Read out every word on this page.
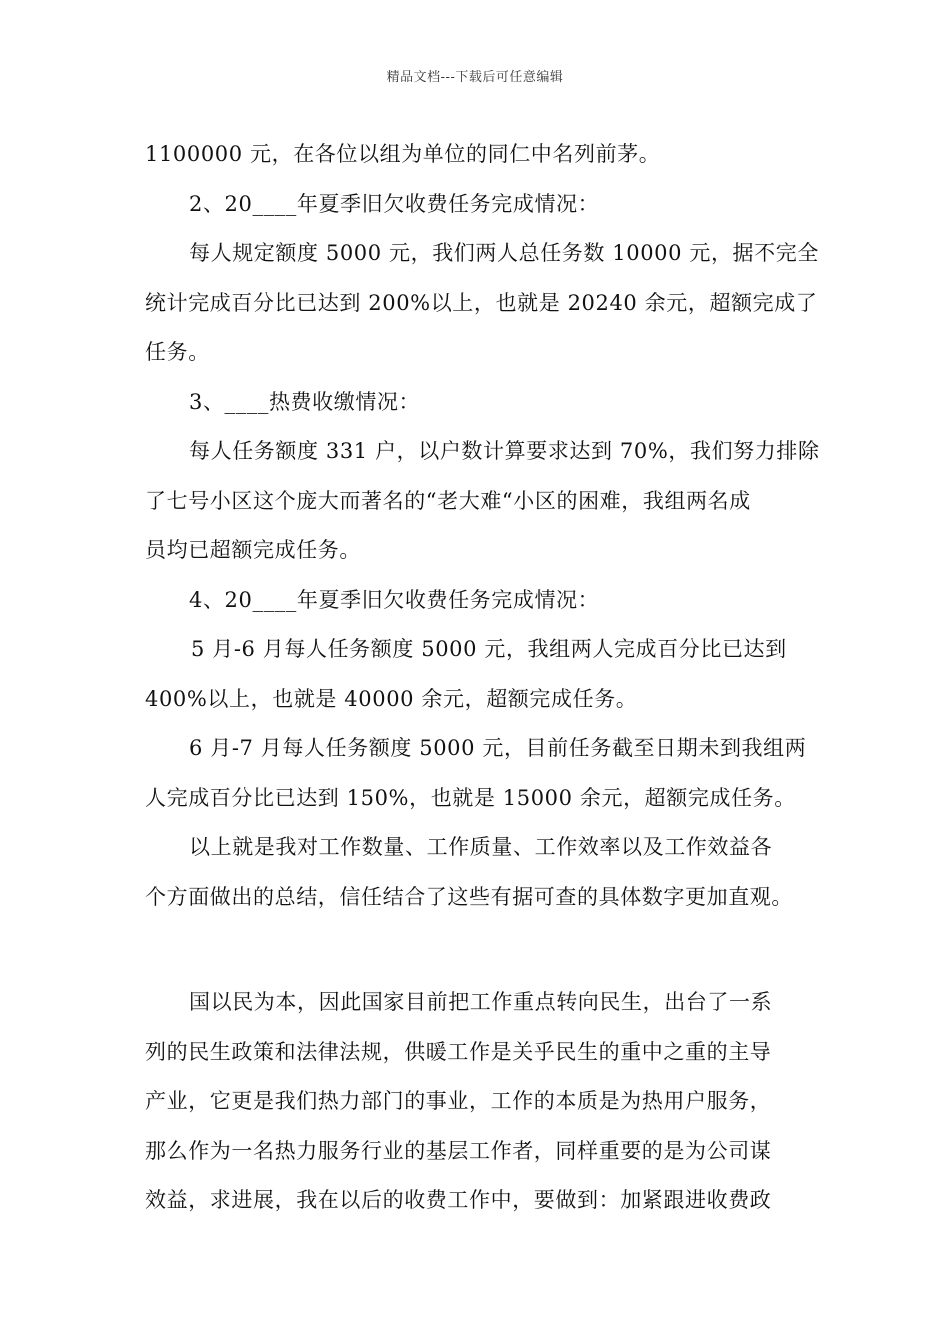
精品文档---下载后可任意编辑
1100000 元，在各位以组为单位的同仁中名列前茅。
2、20____年夏季旧欠收费任务完成情况：
每人规定额度 5000 元，我们两人总任务数 10000 元，据不完全
统计完成百分比已达到 200%以上，也就是 20240 余元，超额完成了
任务。
3、____热费收缴情况：
每人任务额度 331 户，以户数计算要求达到 70%，我们努力排除
了七号小区这个庞大而著名的“老大难“小区的困难，我组两名成
员均已超额完成任务。
4、20____年夏季旧欠收费任务完成情况：
5 月-6 月每人任务额度 5000 元，我组两人完成百分比已达到
400%以上，也就是 40000 余元，超额完成任务。
6 月-7 月每人任务额度 5000 元，目前任务截至日期未到我组两
人完成百分比已达到 150%，也就是 15000 余元，超额完成任务。
以上就是我对工作数量、工作质量、工作效率以及工作效益各
个方面做出的总结，信任结合了这些有据可查的具体数字更加直观。
国以民为本，因此国家目前把工作重点转向民生，出台了一系
列的民生政策和法律法规，供暖工作是关乎民生的重中之重的主导
产业，它更是我们热力部门的事业，工作的本质是为热用户服务，
那么作为一名热力服务行业的基层工作者，同样重要的是为公司谋
效益，求进展，我在以后的收费工作中，要做到：加紧跟进收费政
